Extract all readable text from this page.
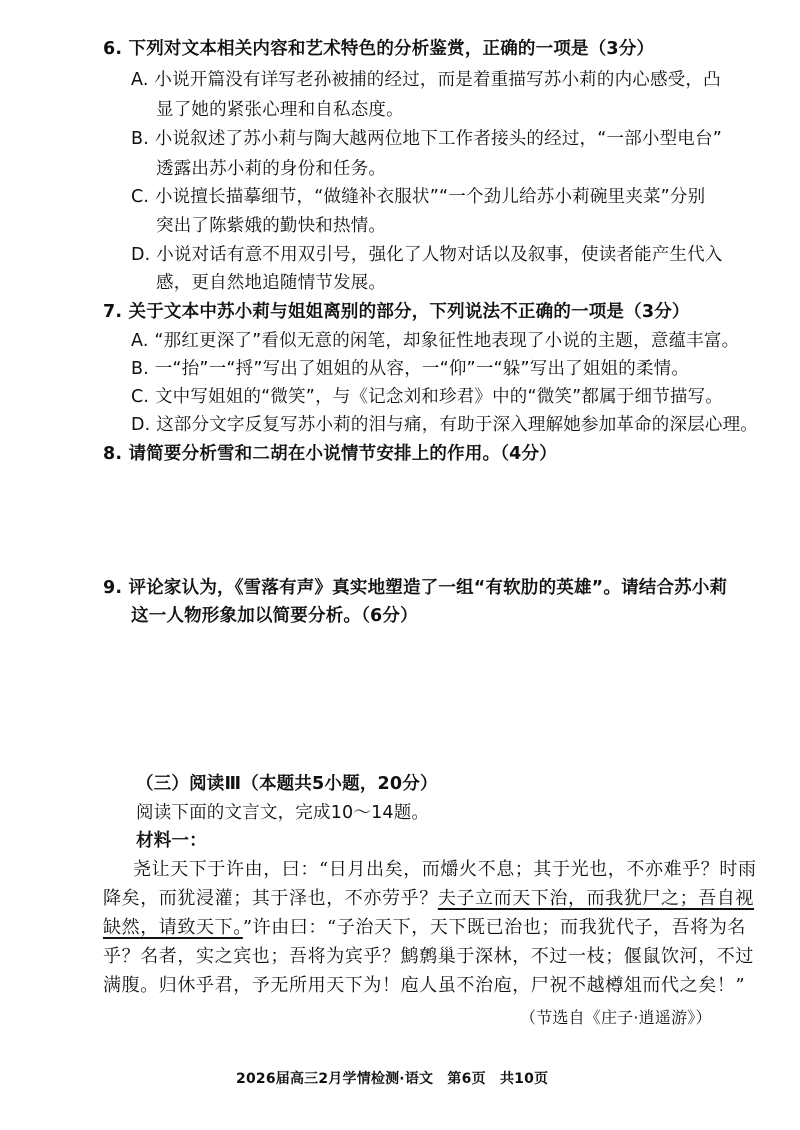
6. 下列对文本相关内容和艺术特色的分析鉴赏，正确的一项是（3分）
A. 小说开篇没有详写老孙被捕的经过，而是着重描写苏小莉的内心感受，凸
显了她的紧张心理和自私态度。
B. 小说叙述了苏小莉与陶大越两位地下工作者接头的经过，“一部小型电台”
透露出苏小莉的身份和任务。
C. 小说擅长描摹细节，“做缝补衣服状”“一个劲儿给苏小莉碗里夹菜”分别
突出了陈紫娥的勤快和热情。
D. 小说对话有意不用双引号，强化了人物对话以及叙事，使读者能产生代入
感，更自然地追随情节发展。
7. 关于文本中苏小莉与姐姐离别的部分，下列说法不正确的一项是（3分）
A. “那红更深了”看似无意的闲笔，却象征性地表现了小说的主题，意蕴丰富。
B. 一“抬”一“捋”写出了姐姐的从容，一“仰”一“躲”写出了姐姐的柔情。
C. 文中写姐姐的“微笑”，与《记念刘和珍君》中的“微笑”都属于细节描写。
D. 这部分文字反复写苏小莉的泪与痛，有助于深入理解她参加革命的深层心理。
8. 请简要分析雪和二胡在小说情节安排上的作用。（4分）
9. 评论家认为，《雪落有声》真实地塑造了一组“有软肋的英雄”。请结合苏小莉
这一人物形象加以简要分析。（6分）
（三）阅读Ⅲ（本题共5小题，20分）
阅读下面的文言文，完成10～14题。
材料一：
尧让天下于许由，曰：“日月出矣，而爝火不息；其于光也，不亦难乎？时雨
降矣，而犹浸灌；其于泽也，不亦劳乎？夫子立而天下治，而我犹尸之；吾自视
缺然，请致天下。”许由曰：“子治天下，天下既已治也；而我犹代子，吾将为名
乎？名者，实之宾也；吾将为宾乎？鹪鹩巢于深林，不过一枝；偃鼠饮河，不过
满腹。归休乎君，予无所用天下为！庖人虽不治庖，尸祝不越樽俎而代之矣！”
（节选自《庄子·逍遥游》）
2026届高三2月学情检测·语文　第6页　共10页
